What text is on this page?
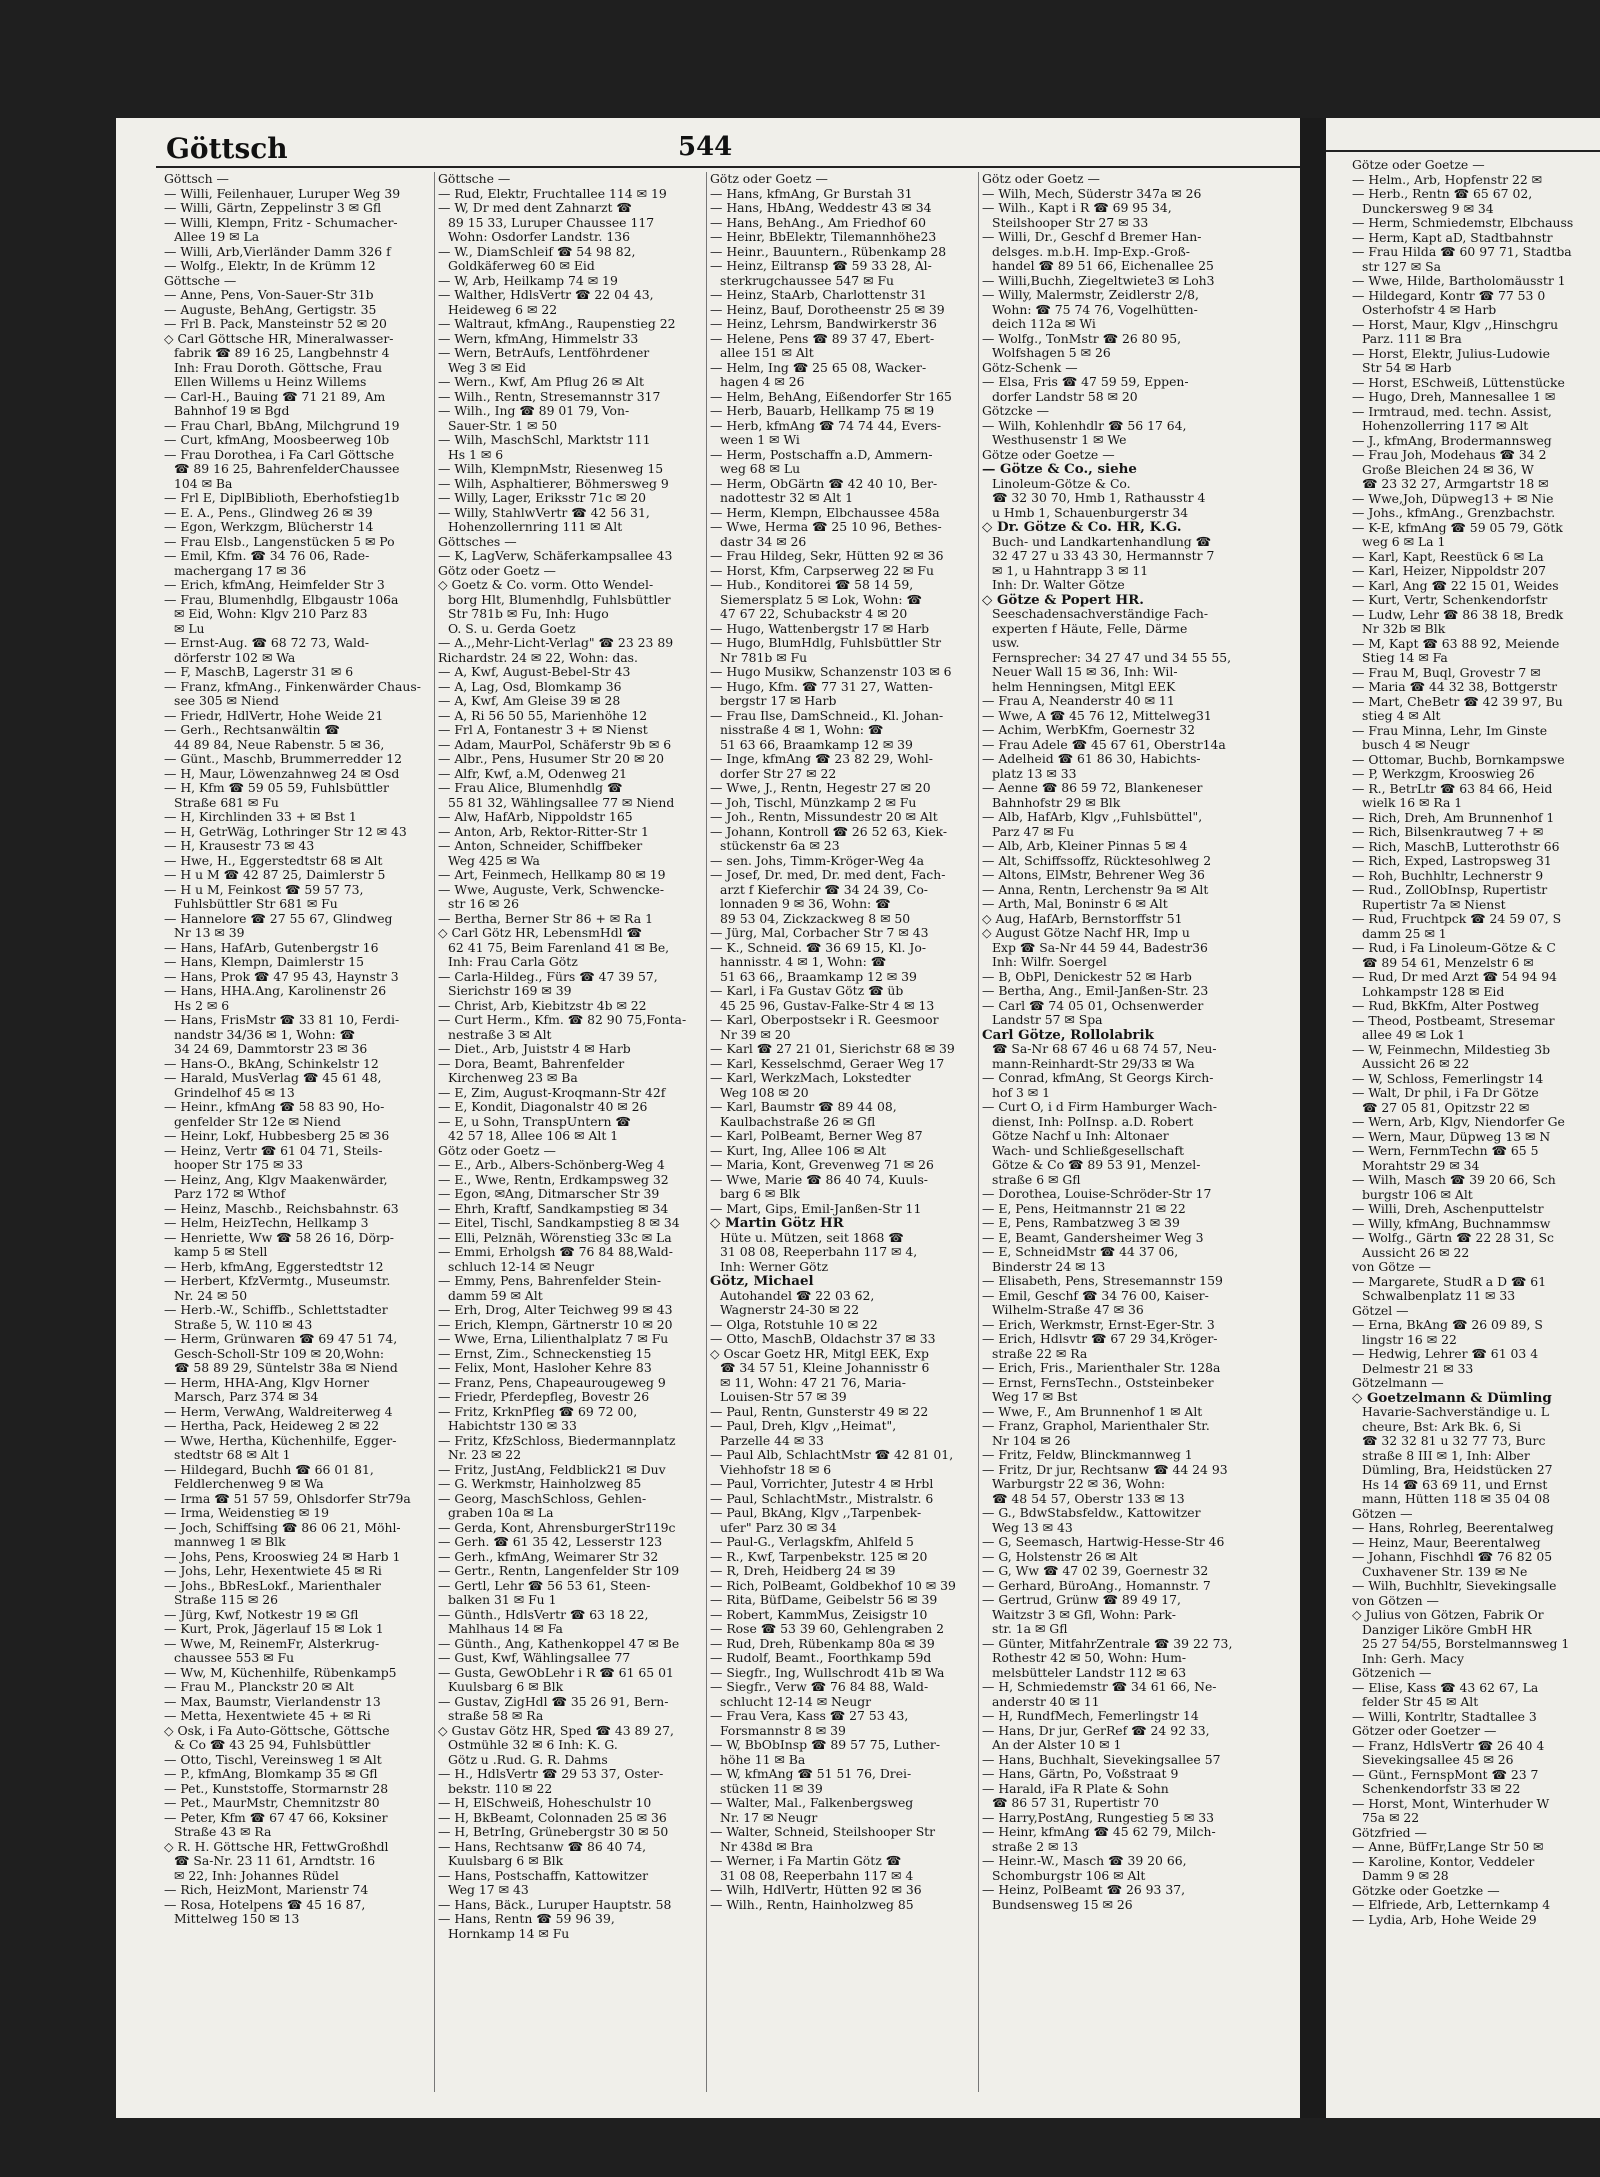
Göttsch	544

Göttsch —

— Willi, Feilenhauer, Luruper Weg 39

— Willi, Gärtn, Zeppelinstr 3 ✉ Gfl

— Willi, Klempn, Fritz - Schumacher-

Allee 19 ✉ La

— Willi, Arb,Vierländer Damm 326 f

— Wolfg., Elektr, In de Krümm 12

Göttsche —

— Anne, Pens, Von-Sauer-Str 31b

— Auguste, BehAng, Gertigstr. 35

— Frl B. Pack, Mansteinstr 52 ✉ 20

◇ Carl Göttsche HR, Mineralwasser-

fabrik ☎ 89 16 25, Langbehnstr 4

Inh: Frau Doroth. Göttsche, Frau

Ellen Willems u Heinz Willems

— Carl-H., Bauing ☎ 71 21 89, Am

Bahnhof 19 ✉ Bgd

— Frau Charl, BbAng, Milchgrund 19

— Curt, kfmAng, Moosbeerweg 10b

— Frau Dorothea, i Fa Carl Göttsche

☎ 89 16 25, BahrenfelderChaussee

104 ✉ Ba

— Frl E, DiplBiblioth, Eberhofstieg1b

— E. A., Pens., Glindweg 26 ✉ 39

— Egon, Werkzgm, Blücherstr 14

— Frau Elsb., Langenstücken 5 ✉ Po

— Emil, Kfm. ☎ 34 76 06, Rade-

machergang 17 ✉ 36

— Erich, kfmAng, Heimfelder Str 3

— Frau, Blumenhdlg, Elbgaustr 106a

✉ Eid, Wohn: Klgv 210 Parz 83

✉ Lu

— Ernst-Aug. ☎ 68 72 73, Wald-

dörferstr 102 ✉ Wa

— F, MaschB, Lagerstr 31 ✉ 6

— Franz, kfmAng., Finkenwärder Chaus-

see 305 ✉ Niend

— Friedr, HdlVertr, Hohe Weide 21

— Gerh., Rechtsanwältin ☎

44 89 84, Neue Rabenstr. 5 ✉ 36,

— Günt., Maschb, Brummerredder 12

— H, Maur, Löwenzahnweg 24 ✉ Osd

— H, Kfm ☎ 59 05 59, Fuhlsbüttler

Straße 681 ✉ Fu

— H, Kirchlinden 33 + ✉ Bst 1

— H, GetrWäg, Lothringer Str 12 ✉ 43

— H, Krausestr 73 ✉ 43

— Hwe, H., Eggerstedtstr 68 ✉ Alt

— H u M ☎ 42 87 25, Daimlerstr 5

— H u M, Feinkost ☎ 59 57 73,

Fuhlsbüttler Str 681 ✉ Fu

— Hannelore ☎ 27 55 67, Glindweg

Nr 13 ✉ 39

— Hans, HafArb, Gutenbergstr 16

— Hans, Klempn, Daimlerstr 15

— Hans, Prok ☎ 47 95 43, Haynstr 3

— Hans, HHA.Ang, Karolinenstr 26

Hs 2 ✉ 6

— Hans, FrisMstr ☎ 33 81 10, Ferdi-

nandstr 34/36 ✉ 1, Wohn: ☎

34 24 69, Dammtorstr 23 ✉ 36

— Hans-O., BkAng, Schinkelstr 12

— Harald, MusVerlag ☎ 45 61 48,

Grindelhof 45 ✉ 13

— Heinr., kfmAng ☎ 58 83 90, Ho-

genfelder Str 12e ✉ Niend

— Heinr, Lokf, Hubbesberg 25 ✉ 36

— Heinz, Vertr ☎ 61 04 71, Steils-

hooper Str 175 ✉ 33

— Heinz, Ang, Klgv Maakenwärder,

Parz 172 ✉ Wthof

— Heinz, Maschb., Reichsbahnstr. 63

— Helm, HeizTechn, Hellkamp 3

— Henriette, Ww ☎ 58 26 16, Dörp-

kamp 5 ✉ Stell

— Herb, kfmAng, Eggerstedtstr 12

— Herbert, KfzVermtg., Museumstr.

Nr. 24 ✉ 50

— Herb.-W., Schiffb., Schlettstadter

Straße 5, W. 110 ✉ 43

— Herm, Grünwaren ☎ 69 47 51 74,

Gesch-Scholl-Str 109 ✉ 20,Wohn:

☎ 58 89 29, Süntelstr 38a ✉ Niend

— Herm, HHA-Ang, Klgv Horner

Marsch, Parz 374 ✉ 34

— Herm, VerwAng, Waldreiterweg 4

— Hertha, Pack, Heideweg 2 ✉ 22

— Wwe, Hertha, Küchenhilfe, Egger-

stedtstr 68 ✉ Alt 1

— Hildegard, Buchh ☎ 66 01 81,

Feldlerchenweg 9 ✉ Wa

— Irma ☎ 51 57 59, Ohlsdorfer Str79a

— Irma, Weidenstieg ✉ 19

— Joch, Schiffsing ☎ 86 06 21, Möhl-

mannweg 1 ✉ Blk

— Johs, Pens, Krooswieg 24 ✉ Harb 1

— Johs, Lehr, Hexentwiete 45 ✉ Ri

— Johs., BbResLokf., Marienthaler

Straße 115 ✉ 26

— Jürg, Kwf, Notkestr 19 ✉ Gfl

— Kurt, Prok, Jägerlauf 15 ✉ Lok 1

— Wwe, M, ReinemFr, Alsterkrug-

chaussee 553 ✉ Fu

— Ww, M, Küchenhilfe, Rübenkamp5

— Frau M., Planckstr 20 ✉ Alt

— Max, Baumstr, Vierlandenstr 13

— Metta, Hexentwiete 45 + ✉ Ri

◇ Osk, i Fa Auto-Göttsche, Göttsche

& Co ☎ 43 25 94, Fuhlsbüttler

— Otto, Tischl, Vereinsweg 1 ✉ Alt

— P., kfmAng, Blomkamp 35 ✉ Gfl

— Pet., Kunststoffe, Stormarnstr 28

— Pet., MaurMstr, Chemnitzstr 80

— Peter, Kfm ☎ 67 47 66, Koksiner

Straße 43 ✉ Ra

◇ R. H. Göttsche HR, FettwGroßhdl

☎ Sa-Nr. 23 11 61, Arndtstr. 16

✉ 22, Inh: Johannes Rüdel

— Rich, HeizMont, Marienstr 74

— Rosa, Hotelpens ☎ 45 16 87,

Mittelweg 150 ✉ 13

Göttsche —

— Rud, Elektr, Fruchtallee 114 ✉ 19

— W, Dr med dent Zahnarzt ☎

89 15 33, Luruper Chaussee 117

Wohn: Osdorfer Landstr. 136

— W., DiamSchleif ☎ 54 98 82,

Goldkäferweg 60 ✉ Eid

— W, Arb, Heilkamp 74 ✉ 19

— Walther, HdlsVertr ☎ 22 04 43,

Heideweg 6 ✉ 22

— Waltraut, kfmAng., Raupenstieg 22

— Wern, kfmAng, Himmelstr 33

— Wern, BetrAufs, Lentföhrdener

Weg 3 ✉ Eid

— Wern., Kwf, Am Pflug 26 ✉ Alt

— Wilh., Rentn, Stresemannstr 317

— Wilh., Ing ☎ 89 01 79, Von-

Sauer-Str. 1 ✉ 50

— Wilh, MaschSchl, Marktstr 111

Hs 1 ✉ 6

— Wilh, KlempnMstr, Riesenweg 15

— Wilh, Asphaltierer, Böhmersweg 9

— Willy, Lager, Eriksstr 71c ✉ 20

— Willy, StahlwVertr ☎ 42 56 31,

Hohenzollernring 111 ✉ Alt

Göttsches —

— K, LagVerw, Schäferkampsallee 43

Götz oder Goetz —

◇ Goetz & Co. vorm. Otto Wendel-

borg Hlt, Blumenhdlg, Fuhlsbüttler

Str 781b ✉ Fu, Inh: Hugo

O. S. u. Gerda Goetz

— A.,,Mehr-Licht-Verlag" ☎ 23 23 89

Richardstr. 24 ✉ 22, Wohn: das.

— A, Kwf, August-Bebel-Str 43

— A, Lag, Osd, Blomkamp 36

— A, Kwf, Am Gleise 39 ✉ 28

— A, Ri 56 50 55, Marienhöhe 12

— Frl A, Fontanestr 3 + ✉ Nienst

— Adam, MaurPol, Schäferstr 9b ✉ 6

— Albr., Pens, Husumer Str 20 ✉ 20

— Alfr, Kwf, a.M, Odenweg 21

— Frau Alice, Blumenhdlg ☎

55 81 32, Wählingsallee 77 ✉ Niend

— Alw, HafArb, Nippoldstr 165

— Anton, Arb, Rektor-Ritter-Str 1

— Anton, Schneider, Schiffbeker

Weg 425 ✉ Wa

— Art, Feinmech, Hellkamp 80 ✉ 19

— Wwe, Auguste, Verk, Schwencke-

str 16 ✉ 26

— Bertha, Berner Str 86 + ✉ Ra 1

◇ Carl Götz HR, LebensmHdl ☎

62 41 75, Beim Farenland 41 ✉ Be,

Inh: Frau Carla Götz

— Carla-Hildeg., Fürs ☎ 47 39 57,

Sierichstr 169 ✉ 39

— Christ, Arb, Kiebitzstr 4b ✉ 22

— Curt Herm., Kfm. ☎ 82 90 75,Fonta-

nestraße 3 ✉ Alt

— Diet., Arb, Juiststr 4 ✉ Harb

— Dora, Beamt, Bahrenfelder

Kirchenweg 23 ✉ Ba

— E, Zim, August-Kroqmann-Str 42f

— E, Kondit, Diagonalstr 40 ✉ 26

— E, u Sohn, TranspUntern ☎

42 57 18, Allee 106 ✉ Alt 1

Götz oder Goetz —

— E., Arb., Albers-Schönberg-Weg 4

— E., Wwe, Rentn, Erdkampsweg 32

— Egon, ✉Ang, Ditmarscher Str 39

— Ehrh, Kraftf, Sandkampstieg ✉ 34

— Eitel, Tischl, Sandkampstieg 8 ✉ 34

— Elli, Pelznäh, Wörenstieg 33c ✉ La

— Emmi, Erholgsh ☎ 76 84 88,Wald-

schluch 12-14 ✉ Neugr

— Emmy, Pens, Bahrenfelder Stein-

damm 59 ✉ Alt

— Erh, Drog, Alter Teichweg 99 ✉ 43

— Erich, Klempn, Gärtnerstr 10 ✉ 20

— Wwe, Erna, Lilienthalplatz 7 ✉ Fu

— Ernst, Zim., Schneckenstieg 15

— Felix, Mont, Hasloher Kehre 83

— Franz, Pens, Chapeaurougeweg 9

— Friedr, Pferdepfleg, Bovestr 26

— Fritz, KrknPfleg ☎ 69 72 00,

Habichtstr 130 ✉ 33

— Fritz, KfzSchloss, Biedermannplatz

Nr. 23 ✉ 22

— Fritz, JustAng, Feldblick21 ✉ Duv

— G. Werkmstr, Hainholzweg 85

— Georg, MaschSchloss, Gehlen-

graben 10a ✉ La

— Gerda, Kont, AhrensburgerStr119c

— Gerh. ☎ 61 35 42, Lesserstr 123

— Gerh., kfmAng, Weimarer Str 32

— Gertr., Rentn, Langenfelder Str 109

— Gertl, Lehr ☎ 56 53 61, Steen-

balken 31 ✉ Fu 1

— Günth., HdlsVertr ☎ 63 18 22,

Mahlhaus 14 ✉ Fa

— Günth., Ang, Kathenkoppel 47 ✉ Be

— Gust, Kwf, Wählingsallee 77

— Gusta, GewObLehr i R ☎ 61 65 01

Kuulsbarg 6 ✉ Blk

— Gustav, ZigHdl ☎ 35 26 91, Bern-

straße 58 ✉ Ra

◇ Gustav Götz HR, Sped ☎ 43 89 27,

Ostmühle 32 ✉ 6 Inh: K. G.

Götz u .Rud. G. R. Dahms

— H., HdlsVertr ☎ 29 53 37, Oster-

bekstr. 110 ✉ 22

— H, ElSchweiß, Hoheschulstr 10

— H, BkBeamt, Colonnaden 25 ✉ 36

— H, BetrIng, Grünebergstr 30 ✉ 50

— Hans, Rechtsanw ☎ 86 40 74,

Kuulsbarg 6 ✉ Blk

— Hans, Postschaffn, Kattowitzer

Weg 17 ✉ 43

— Hans, Bäck., Luruper Hauptstr. 58

— Hans, Rentn ☎ 59 96 39,

Hornkamp 14 ✉ Fu

Götz oder Goetz —

— Hans, kfmAng, Gr Burstah 31

— Hans, HbAng, Weddestr 43 ✉ 34

— Hans, BehAng., Am Friedhof 60

— Heinr, BbElektr, Tilemannhöhe23

— Heinr., Bauuntern., Rübenkamp 28

— Heinz, Eiltransp ☎ 59 33 28, Al-

sterkrugchaussee 547 ✉ Fu

— Heinz, StaArb, Charlottenstr 31

— Heinz, Bauf, Dorotheenstr 25 ✉ 39

— Heinz, Lehrsm, Bandwirkerstr 36

— Helene, Pens ☎ 89 37 47, Ebert-

allee 151 ✉ Alt

— Helm, Ing ☎ 25 65 08, Wacker-

hagen 4 ✉ 26

— Helm, BehAng, Eißendorfer Str 165

— Herb, Bauarb, Hellkamp 75 ✉ 19

— Herb, kfmAng ☎ 74 74 44, Evers-

ween 1 ✉ Wi

— Herm, Postschaffn a.D, Ammern-

weg 68 ✉ Lu

— Herm, ObGärtn ☎ 42 40 10, Ber-

nadottestr 32 ✉ Alt 1

— Herm, Klempn, Elbchaussee 458a

— Wwe, Herma ☎ 25 10 96, Bethes-

dastr 34 ✉ 26

— Frau Hildeg, Sekr, Hütten 92 ✉ 36

— Horst, Kfm, Carpserweg 22 ✉ Fu

— Hub., Konditorei ☎ 58 14 59,

Siemersplatz 5 ✉ Lok, Wohn: ☎

47 67 22, Schubackstr 4 ✉ 20

— Hugo, Wattenbergstr 17 ✉ Harb

— Hugo, BlumHdlg, Fuhlsbüttler Str

Nr 781b ✉ Fu

— Hugo Musikw, Schanzenstr 103 ✉ 6

— Hugo, Kfm. ☎ 77 31 27, Watten-

bergstr 17 ✉ Harb

— Frau Ilse, DamSchneid., Kl. Johan-

nisstraße 4 ✉ 1, Wohn: ☎

51 63 66, Braamkamp 12 ✉ 39

— Inge, kfmAng ☎ 23 82 29, Wohl-

dorfer Str 27 ✉ 22

— Wwe, J., Rentn, Hegestr 27 ✉ 20

— Joh, Tischl, Münzkamp 2 ✉ Fu

— Joh., Rentn, Missundestr 20 ✉ Alt

— Johann, Kontroll ☎ 26 52 63, Kiek-

stückenstr 6a ✉ 23

— sen. Johs, Timm-Kröger-Weg 4a

— Josef, Dr. med, Dr. med dent, Fach-

arzt f Kieferchir ☎ 34 24 39, Co-

lonnaden 9 ✉ 36, Wohn: ☎

89 53 04, Zickzackweg 8 ✉ 50

— Jürg, Mal, Corbacher Str 7 ✉ 43

— K., Schneid. ☎ 36 69 15, Kl. Jo-

hannisstr. 4 ✉ 1, Wohn: ☎

51 63 66,, Braamkamp 12 ✉ 39

— Karl, i Fa Gustav Götz ☎ üb

45 25 96, Gustav-Falke-Str 4 ✉ 13

— Karl, Oberpostsekr i R. Geesmoor

Nr 39 ✉ 20

— Karl ☎ 27 21 01, Sierichstr 68 ✉ 39

— Karl, Kesselschmd, Geraer Weg 17

— Karl, WerkzMach, Lokstedter

Weg 108 ✉ 20

— Karl, Baumstr ☎ 89 44 08,

Kaulbachstraße 26 ✉ Gfl

— Karl, PolBeamt, Berner Weg 87

— Kurt, Ing, Allee 106 ✉ Alt

— Maria, Kont, Grevenweg 71 ✉ 26

— Wwe, Marie ☎ 86 40 74, Kuuls-

barg 6 ✉ Blk

— Mart, Gips, Emil-Janßen-Str 11

◇ Martin Götz HR

Hüte u. Mützen, seit 1868 ☎

31 08 08, Reeperbahn 117 ✉ 4,

Inh: Werner Götz

Götz, Michael

Autohandel ☎ 22 03 62,

Wagnerstr 24-30 ✉ 22

— Olga, Rotstuhle 10 ✉ 22

— Otto, MaschB, Oldachstr 37 ✉ 33

◇ Oscar Goetz HR, Mitgl EEK, Exp

☎ 34 57 51, Kleine Johannisstr 6

✉ 11, Wohn: 47 21 76, Maria-

Louisen-Str 57 ✉ 39

— Paul, Rentn, Gunsterstr 49 ✉ 22

— Paul, Dreh, Klgv ,,Heimat",

Parzelle 44 ✉ 33

— Paul Alb, SchlachtMstr ☎ 42 81 01,

Viehhofstr 18 ✉ 6

— Paul, Vorrichter, Jutestr 4 ✉ Hrbl

— Paul, SchlachtMstr., Mistralstr. 6

— Paul, BkAng, Klgv ,,Tarpenbek-

ufer" Parz 30 ✉ 34

— Paul-G., Verlagskfm, Ahlfeld 5

— R., Kwf, Tarpenbekstr. 125 ✉ 20

— R, Dreh, Heidberg 24 ✉ 39

— Rich, PolBeamt, Goldbekhof 10 ✉ 39

— Rita, BüfDame, Geibelstr 56 ✉ 39

— Robert, KammMus, Zeisigstr 10

— Rose ☎ 53 39 60, Gehlengraben 2

— Rud, Dreh, Rübenkamp 80a ✉ 39

— Rudolf, Beamt., Foorthkamp 59d

— Siegfr., Ing, Wullschrodt 41b ✉ Wa

— Siegfr., Verw ☎ 76 84 88, Wald-

schlucht 12-14 ✉ Neugr

— Frau Vera, Kass ☎ 27 53 43,

Forsmannstr 8 ✉ 39

— W, BbObInsp ☎ 89 57 75, Luther-

höhe 11 ✉ Ba

— W, kfmAng ☎ 51 51 76, Drei-

stücken 11 ✉ 39

— Walter, Mal., Falkenbergsweg

Nr. 17 ✉ Neugr

— Walter, Schneid, Steilshooper Str

Nr 438d ✉ Bra

— Werner, i Fa Martin Götz ☎

31 08 08, Reeperbahn 117 ✉ 4

— Wilh, HdlVertr, Hütten 92 ✉ 36

— Wilh., Rentn, Hainholzweg 85

Götz oder Goetz —

— Wilh, Mech, Süderstr 347a ✉ 26

— Wilh., Kapt i R ☎ 69 95 34,

Steilshooper Str 27 ✉ 33

— Willi, Dr., Geschf d Bremer Han-

delsges. m.b.H. Imp-Exp.-Groß-

handel ☎ 89 51 66, Eichenallee 25

— Willi,Buchh, Ziegeltwiete3 ✉ Loh3

— Willy, Malermstr, Zeidlerstr 2/8,

Wohn: ☎ 75 74 76, Vogelhütten-

deich 112a ✉ Wi

— Wolfg., TonMstr ☎ 26 80 95,

Wolfshagen 5 ✉ 26

Götz-Schenk —

— Elsa, Fris ☎ 47 59 59, Eppen-

dorfer Landstr 58 ✉ 20

Götzcke —

— Wilh, Kohlenhdlr ☎ 56 17 64,

Westhusenstr 1 ✉ We

Götze oder Goetze —

— Götze & Co., siehe

Linoleum-Götze & Co.

☎ 32 30 70, Hmb 1, Rathausstr 4

u Hmb 1, Schauenburgerstr 34

◇ Dr. Götze & Co. HR, K.G.

Buch- und Landkartenhandlung ☎

32 47 27 u 33 43 30, Hermannstr 7

✉ 1, u Hahntrapp 3 ✉ 11

Inh: Dr. Walter Götze

◇ Götze & Popert HR.

Seeschadensachverständige Fach-

experten f Häute, Felle, Därme

usw.

Fernsprecher: 34 27 47 und 34 55 55,

Neuer Wall 15 ✉ 36, Inh: Wil-

helm Henningsen, Mitgl EEK

— Frau A, Neanderstr 40 ✉ 11

— Wwe, A ☎ 45 76 12, Mittelweg31

— Achim, WerbKfm, Goernestr 32

— Frau Adele ☎ 45 67 61, Oberstr14a

— Adelheid ☎ 61 86 30, Habichts-

platz 13 ✉ 33

— Aenne ☎ 86 59 72, Blankeneser

Bahnhofstr 29 ✉ Blk

— Alb, HafArb, Klgv ,,Fuhlsbüttel",

Parz 47 ✉ Fu

— Alb, Arb, Kleiner Pinnas 5 ✉ 4

— Alt, Schiffssoffz, Rücktesohlweg 2

— Altons, ElMstr, Behrener Weg 36

— Anna, Rentn, Lerchenstr 9a ✉ Alt

— Arth, Mal, Boninstr 6 ✉ Alt

◇ Aug, HafArb, Bernstorffstr 51

◇ August Götze Nachf HR, Imp u

Exp ☎ Sa-Nr 44 59 44, Badestr36

Inh: Wilfr. Soergel

— B, ObPl, Denickestr 52 ✉ Harb

— Bertha, Ang., Emil-Janßen-Str. 23

— Carl ☎ 74 05 01, Ochsenwerder

Landstr 57 ✉ Spa

Carl Götze, Rollolabrik

☎ Sa-Nr 68 67 46 u 68 74 57, Neu-

mann-Reinhardt-Str 29/33 ✉ Wa

— Conrad, kfmAng, St Georgs Kirch-

hof 3 ✉ 1

— Curt O, i d Firm Hamburger Wach-

dienst, Inh: PolInsp. a.D. Robert

Götze Nachf u Inh: Altonaer

Wach- und Schließgesellschaft

Götze & Co ☎ 89 53 91, Menzel-

straße 6 ✉ Gfl

— Dorothea, Louise-Schröder-Str 17

— E, Pens, Heitmannstr 21 ✉ 22

— E, Pens, Rambatzweg 3 ✉ 39

— E, Beamt, Gandersheimer Weg 3

— E, SchneidMstr ☎ 44 37 06,

Binderstr 24 ✉ 13

— Elisabeth, Pens, Stresemannstr 159

— Emil, Geschf ☎ 34 76 00, Kaiser-

Wilhelm-Straße 47 ✉ 36

— Erich, Werkmstr, Ernst-Eger-Str. 3

— Erich, Hdlsvtr ☎ 67 29 34,Kröger-

straße 22 ✉ Ra

— Erich, Fris., Marienthaler Str. 128a

— Ernst, FernsTechn., Oststeinbeker

Weg 17 ✉ Bst

— Wwe, F., Am Brunnenhof 1 ✉ Alt

— Franz, Graphol, Marienthaler Str.

Nr 104 ✉ 26

— Fritz, Feldw, Blinckmannweg 1

— Fritz, Dr jur, Rechtsanw ☎ 44 24 93

Warburgstr 22 ✉ 36, Wohn:

☎ 48 54 57, Oberstr 133 ✉ 13

— G., BdwStabsfeldw., Kattowitzer

Weg 13 ✉ 43

— G, Seemasch, Hartwig-Hesse-Str 46

— G, Holstenstr 26 ✉ Alt

— G, Ww ☎ 47 02 39, Goernestr 32

— Gerhard, BüroAng., Homannstr. 7

— Gertrud, Grünw ☎ 89 49 17,

Waitzstr 3 ✉ Gfl, Wohn: Park-

str. 1a ✉ Gfl

— Günter, MitfahrZentrale ☎ 39 22 73,

Rothestr 42 ✉ 50, Wohn: Hum-

melsbütteler Landstr 112 ✉ 63

— H, Schmiedemstr ☎ 34 61 66, Ne-

anderstr 40 ✉ 11

— H, RundfMech, Femerlingstr 14

— Hans, Dr jur, GerRef ☎ 24 92 33,

An der Alster 10 ✉ 1

— Hans, Buchhalt, Sievekingsallee 57

— Hans, Gärtn, Po, Voßstraat 9

— Harald, iFa R Plate & Sohn

☎ 86 57 31, Rupertistr 70

— Harry,PostAng, Rungestieg 5 ✉ 33

— Heinr, kfmAng ☎ 45 62 79, Milch-

straße 2 ✉ 13

— Heinr.-W., Masch ☎ 39 20 66,

Schomburgstr 106 ✉ Alt

— Heinz, PolBeamt ☎ 26 93 37,

Bundsensweg 15 ✉ 26

Götze oder Goetze —

— Helm., Arb, Hopfenstr 22 ✉

— Herb., Rentn ☎ 65 67 02,

Dunckersweg 9 ✉ 34

— Herm, Schmiedemstr, Elbchauss

— Herm, Kapt aD, Stadtbahnstr

— Frau Hilda ☎ 60 97 71, Stadtba

str 127 ✉ Sa

— Wwe, Hilde, Bartholomäusstr 1

— Hildegard, Kontr ☎ 77 53 0

Osterhofstr 4 ✉ Harb

— Horst, Maur, Klgv ,,Hinschgru

Parz. 111 ✉ Bra

— Horst, Elektr, Julius-Ludowie

Str 54 ✉ Harb

— Horst, ESchweiß, Lüttenstücke

— Hugo, Dreh, Mannesallee 1 ✉

— Irmtraud, med. techn. Assist,

Hohenzollerring 117 ✉ Alt

— J., kfmAng, Brodermannsweg

— Frau Joh, Modehaus ☎ 34 2

Große Bleichen 24 ✉ 36, W

☎ 23 32 27, Armgartstr 18 ✉

— Wwe,Joh, Düpweg13 + ✉ Nie

— Johs., kfmAng., Grenzbachstr.

— K-E, kfmAng ☎ 59 05 79, Götk

weg 6 ✉ La 1

— Karl, Kapt, Reestück 6 ✉ La

— Karl, Heizer, Nippoldstr 207

— Karl, Ang ☎ 22 15 01, Weides

— Kurt, Vertr, Schenkendorfstr

— Ludw, Lehr ☎ 86 38 18, Bredk

Nr 32b ✉ Blk

— M, Kapt ☎ 63 88 92, Meiende

Stieg 14 ✉ Fa

— Frau M, Buql, Grovestr 7 ✉

— Maria ☎ 44 32 38, Bottgerstr

— Mart, CheBetr ☎ 42 39 97, Bu

stieg 4 ✉ Alt

— Frau Minna, Lehr, Im Ginste

busch 4 ✉ Neugr

— Ottomar, Buchb, Bornkampswe

— P, Werkzgm, Krooswieg 26

— R., BetrLtr ☎ 63 84 66, Heid

wielk 16 ✉ Ra 1

— Rich, Dreh, Am Brunnenhof 1

— Rich, Bilsenkrautweg 7 + ✉

— Rich, MaschB, Lutterothstr 66

— Rich, Exped, Lastropsweg 31

— Roh, Buchhltr, Lechnerstr 9

— Rud., ZollObInsp, Rupertistr

Rupertistr 7a ✉ Nienst

— Rud, Fruchtpck ☎ 24 59 07, S

damm 25 ✉ 1

— Rud, i Fa Linoleum-Götze & C

☎ 89 54 61, Menzelstr 6 ✉

— Rud, Dr med Arzt ☎ 54 94 94

Lohkampstr 128 ✉ Eid

— Rud, BkKfm, Alter Postweg

— Theod, Postbeamt, Stresemar

allee 49 ✉ Lok 1

— W, Feinmechn, Mildestieg 3b

Aussicht 26 ✉ 22

— W, Schloss, Femerlingstr 14

— Walt, Dr phil, i Fa Dr Götze

☎ 27 05 81, Opitzstr 22 ✉

— Wern, Arb, Klgv, Niendorfer Ge

— Wern, Maur, Düpweg 13 ✉ N

— Wern, FernmTechn ☎ 65 5

Morahtstr 29 ✉ 34

— Wilh, Masch ☎ 39 20 66, Sch

burgstr 106 ✉ Alt

— Willi, Dreh, Aschenputtelstr

— Willy, kfmAng, Buchnammsw

— Wolfg., Gärtn ☎ 22 28 31, Sc

Aussicht 26 ✉ 22

von Götze —

— Margarete, StudR a D ☎ 61

Schwalbenplatz 11 ✉ 33

Götzel —

— Erna, BkAng ☎ 26 09 89, S

lingstr 16 ✉ 22

— Hedwig, Lehrer ☎ 61 03 4

Delmestr 21 ✉ 33

Götzelmann —

◇ Goetzelmann & Dümling

Havarie-Sachverständige u. L

cheure, Bst: Ark Bk. 6, Si

☎ 32 32 81 u 32 77 73, Burc

straße 8 III ✉ 1, Inh: Alber

Dümling, Bra, Heidstücken 27

Hs 14 ☎ 63 69 11, und Ernst

mann, Hütten 118 ✉ 35 04 08

Götzen —

— Hans, Rohrleg, Beerentalweg

— Heinz, Maur, Beerentalweg

— Johann, Fischhdl ☎ 76 82 05

Cuxhavener Str. 139 ✉ Ne

— Wilh, Buchhltr, Sievekingsalle

von Götzen —

◇ Julius von Götzen, Fabrik Or

Danziger Liköre GmbH HR

25 27 54/55, Borstelmannsweg 1

Inh: Gerh. Macy

Götzenich —

— Elise, Kass ☎ 43 62 67, La

felder Str 45 ✉ Alt

— Willi, Kontrltr, Stadtallee 3

Götzer oder Goetzer —

— Franz, HdlsVertr ☎ 26 40 4

Sievekingsallee 45 ✉ 26

— Günt., FernspMont ☎ 23 7

Schenkendorfstr 33 ✉ 22

— Horst, Mont, Winterhuder W

75a ✉ 22

Götzfried —

— Anne, BüfFr,Lange Str 50 ✉

— Karoline, Kontor, Veddeler

Damm 9 ✉ 28

Götzke oder Goetzke —

— Elfriede, Arb, Letternkamp 4

— Lydia, Arb, Hohe Weide 29
